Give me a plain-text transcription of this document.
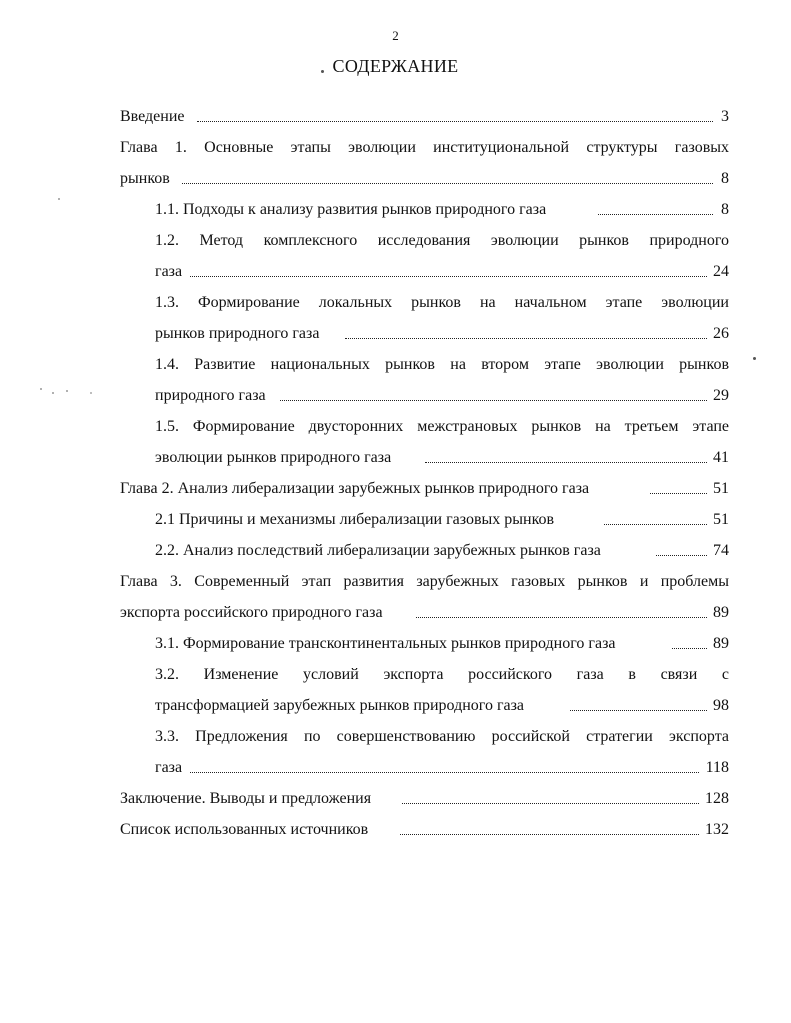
2
СОДЕРЖАНИЕ
Введение	3
Глава 1. Основные этапы эволюции институциональной структуры газовых
рынков	8
1.1. Подходы к анализу развития рынков природного газа	8
1.2. Метод комплексного исследования эволюции рынков природного
газа	24
1.3. Формирование локальных рынков на начальном этапе эволюции
рынков природного газа	26
1.4. Развитие национальных рынков на втором этапе эволюции рынков
природного газа	29
1.5. Формирование двусторонних межстрановых рынков на третьем этапе
эволюции рынков природного газа	41
Глава 2. Анализ либерализации зарубежных рынков природного газа	51
2.1 Причины и механизмы либерализации газовых рынков	51
2.2. Анализ последствий либерализации зарубежных рынков газа	74
Глава 3. Современный этап развития зарубежных газовых рынков и проблемы
экспорта российского природного газа	89
3.1. Формирование трансконтинентальных рынков природного газа	89
3.2. Изменение условий экспорта российского газа в связи с
трансформацией зарубежных рынков природного газа	98
3.3. Предложения по совершенствованию российской стратегии экспорта
газа	118
Заключение. Выводы и предложения	128
Список использованных источников	132
